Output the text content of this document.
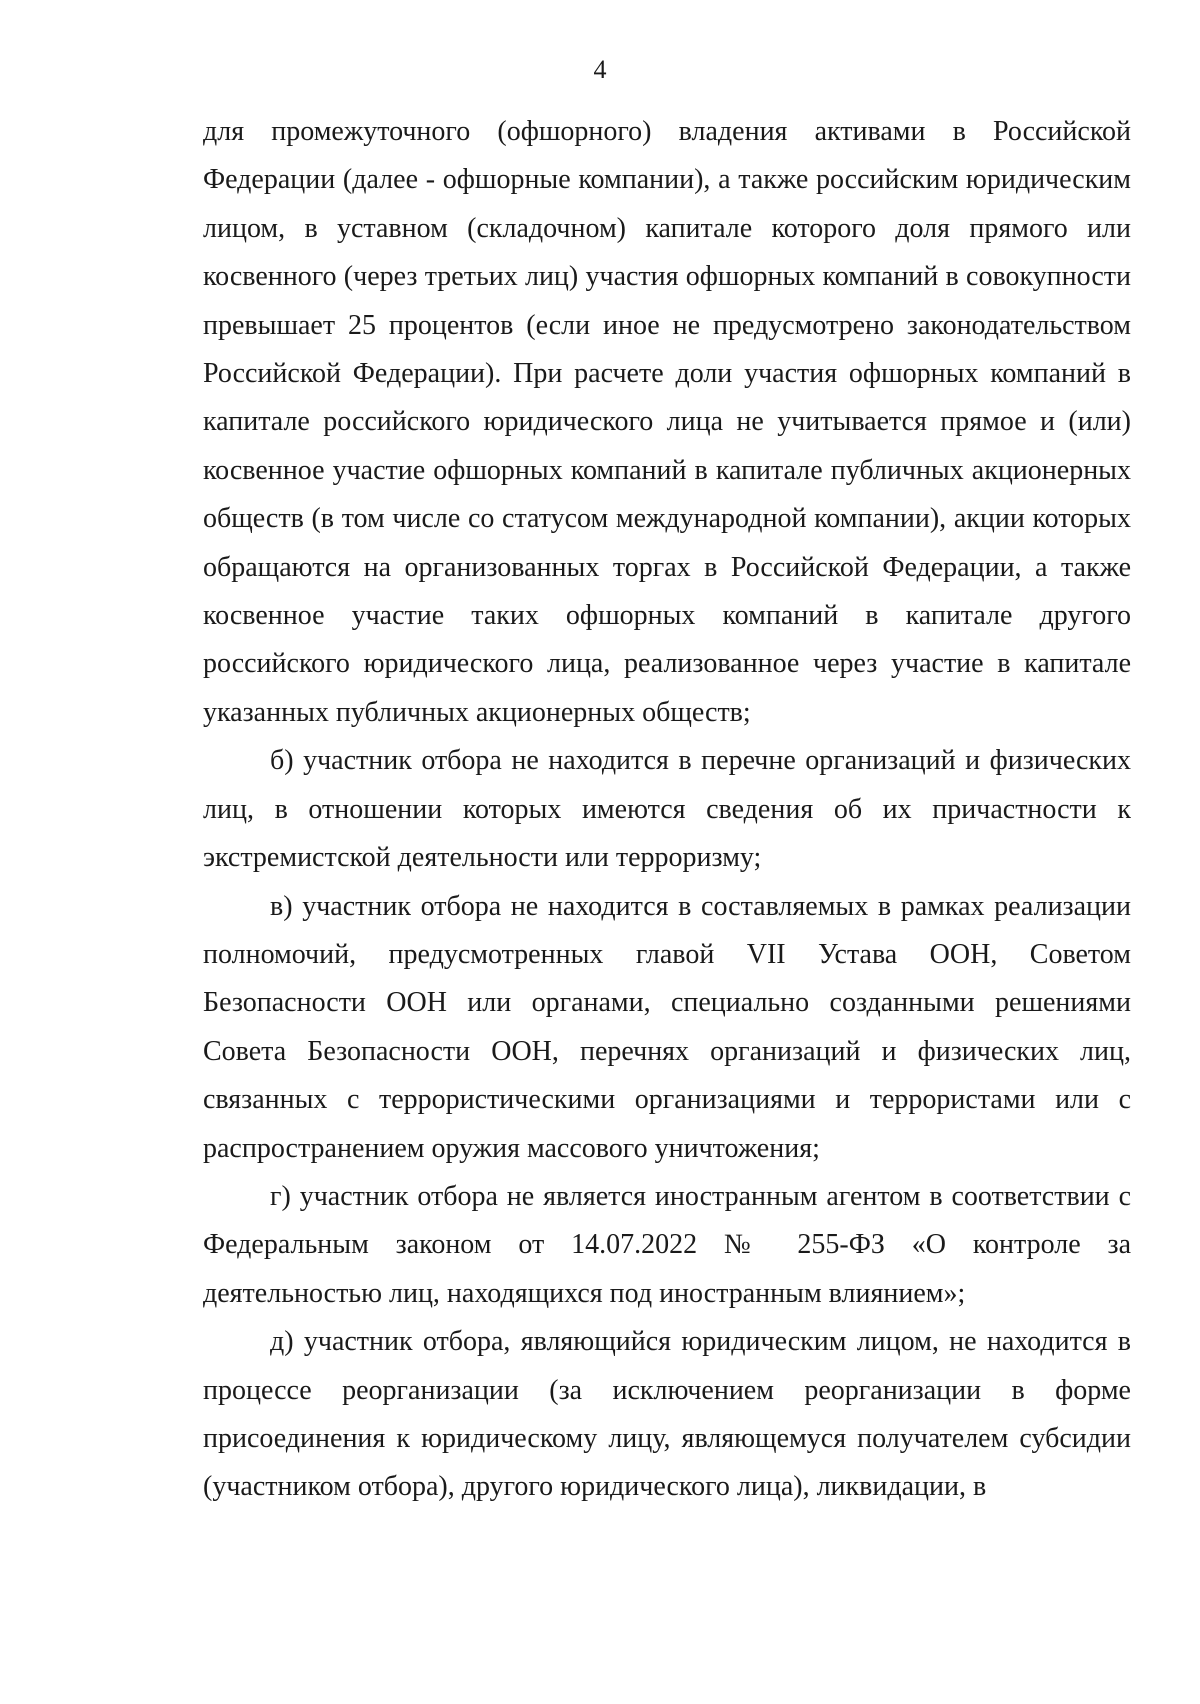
4

для промежуточного (офшорного) владения активами в Российской Федерации (далее - офшорные компании), а также российским юридическим лицом, в уставном (складочном) капитале которого доля прямого или косвенного (через третьих лиц) участия офшорных компаний в совокупности превышает 25 процентов (если иное не предусмотрено законодательством Российской Федерации). При расчете доли участия офшорных компаний в капитале российского юридического лица не учитывается прямое и (или) косвенное участие офшорных компаний в капитале публичных акционерных обществ (в том числе со статусом международной компании), акции которых обращаются на организованных торгах в Российской Федерации, а также косвенное участие таких офшорных компаний в капитале другого российского юридического лица, реализованное через участие в капитале указанных публичных акционерных обществ;

б) участник отбора не находится в перечне организаций и физических лиц, в отношении которых имеются сведения об их причастности к экстремистской деятельности или терроризму;

в) участник отбора не находится в составляемых в рамках реализации полномочий, предусмотренных главой VII Устава ООН, Советом Безопасности ООН или органами, специально созданными решениями Совета Безопасности ООН, перечнях организаций и физических лиц, связанных с террористическими организациями и террористами или с распространением оружия массового уничтожения;

г) участник отбора не является иностранным агентом в соответствии с Федеральным законом от 14.07.2022 № 255-ФЗ «О контроле за деятельностью лиц, находящихся под иностранным влиянием»;

д) участник отбора, являющийся юридическим лицом, не находится в процессе реорганизации (за исключением реорганизации в форме присоединения к юридическому лицу, являющемуся получателем субсидии (участником отбора), другого юридического лица), ликвидации, в
